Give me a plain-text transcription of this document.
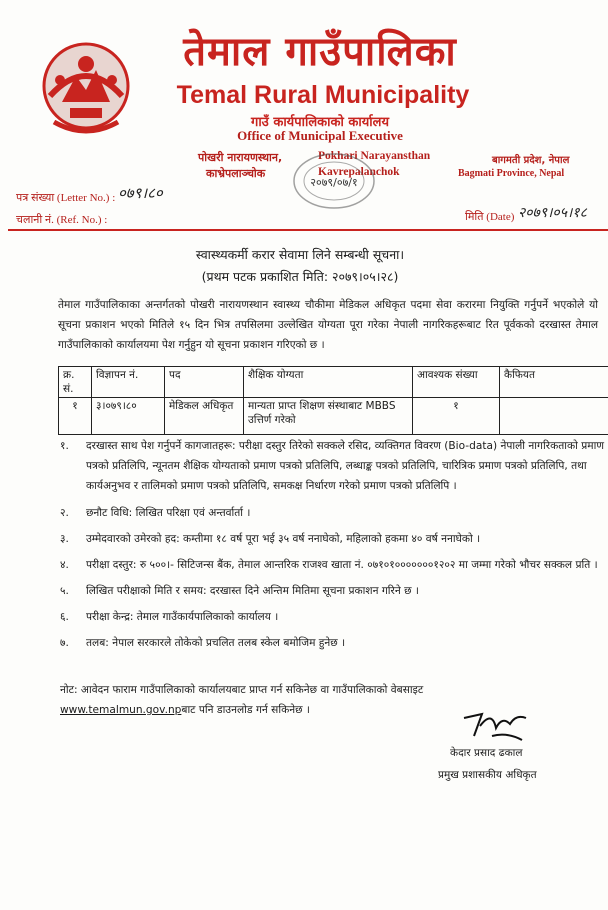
तेमाल गाउँपालिका
Temal Rural Municipality
गाउँ कार्यपालिकाको कार्यालय
Office of Municipal Executive
पोखरी नारायणस्थान,	Pokhari Narayansthan
काभ्रेपलाञ्चोक	Kavrepalanchok
बागमती प्रदेश, नेपाल
Bagmati Province, Nepal
२०७९/०७/१
पत्र संख्या (Letter No.) : ०७९।८०
चलानी नं. (Ref. No.) :	मिति (Date) २०७९।०५।१८
स्वास्थ्यकर्मी करार सेवामा लिने सम्बन्धी सूचना।
(प्रथम पटक प्रकाशित मिति: २०७९।०५।२८)
तेमाल गाउँपालिकाका अन्तर्गतको पोखरी नारायणस्थान स्वास्थ्य चौकीमा मेडिकल अधिकृत पदमा सेवा करारमा नियुक्ति गर्नुपर्ने भएकोले यो सूचना प्रकाशन भएको मितिले १५ दिन भित्र तपसिलमा उल्लेखित योग्यता पूरा गरेका नेपाली नागरिकहरूबाट रित पूर्वकको दरखास्त तेमाल गाउँपालिकाको कार्यालयमा पेश गर्नुहुन यो सूचना प्रकाशन गरिएको छ ।
क्र. सं.	विज्ञापन नं.	पद	शैक्षिक योग्यता	आवश्यक संख्या	कैफियत
१	३।०७९।८०	मेडिकल अधिकृत	मान्यता प्राप्त शिक्षण संस्थाबाट MBBS उत्तिर्ण गरेको	१	
१.	दरखास्त साथ पेश गर्नुपर्ने कागजातहरू: परीक्षा दस्तुर तिरेको सक्कले रसिद, व्यक्तिगत विवरण (Bio-data) नेपाली नागरिकताको प्रमाण पत्रको प्रतिलिपि, न्यूनतम शैक्षिक योग्यताको प्रमाण पत्रको प्रतिलिपि, लब्धाङ्क पत्रको प्रतिलिपि, चारित्रिक प्रमाण पत्रको प्रतिलिपि, तथा कार्यअनुभव र तालिमको प्रमाण पत्रको प्रतिलिपि, समकक्ष निर्धारण गरेको प्रमाण पत्रको प्रतिलिपि ।
२.	छनौट विधि: लिखित परिक्षा एवं अन्तर्वार्ता ।
३.	उम्मेदवारको उमेरको हद: कम्तीमा १८ वर्ष पूरा भई ३५ वर्ष ननाघेको, महिलाको हकमा ४० वर्ष ननाघेको ।
४.	परीक्षा दस्तुर: रु ५००।- सिटिजन्स बैंक, तेमाल आन्तरिक राजश्व खाता नं. ०७१०१०००००००१२०२ मा जम्मा गरेको भौचर सक्कल प्रति ।
५.	लिखित परीक्षाको मिति र समय: दरखास्त दिने अन्तिम मितिमा सूचना प्रकाशन गरिने छ ।
६.	परीक्षा केन्द्र: तेमाल गाउँकार्यपालिकाको कार्यालय ।
७.	तलब: नेपाल सरकारले तोकेको प्रचलित तलब स्केल बमोजिम हुनेछ ।
नोट: आवेदन फाराम गाउँपालिकाको कार्यालयबाट प्राप्त गर्न सकिनेछ वा गाउँपालिकाको वेबसाइट
www.temalmun.gov.npबाट पनि डाउनलोड गर्न सकिनेछ ।
केदार प्रसाद ढकाल
प्रमुख प्रशासकीय अधिकृत
